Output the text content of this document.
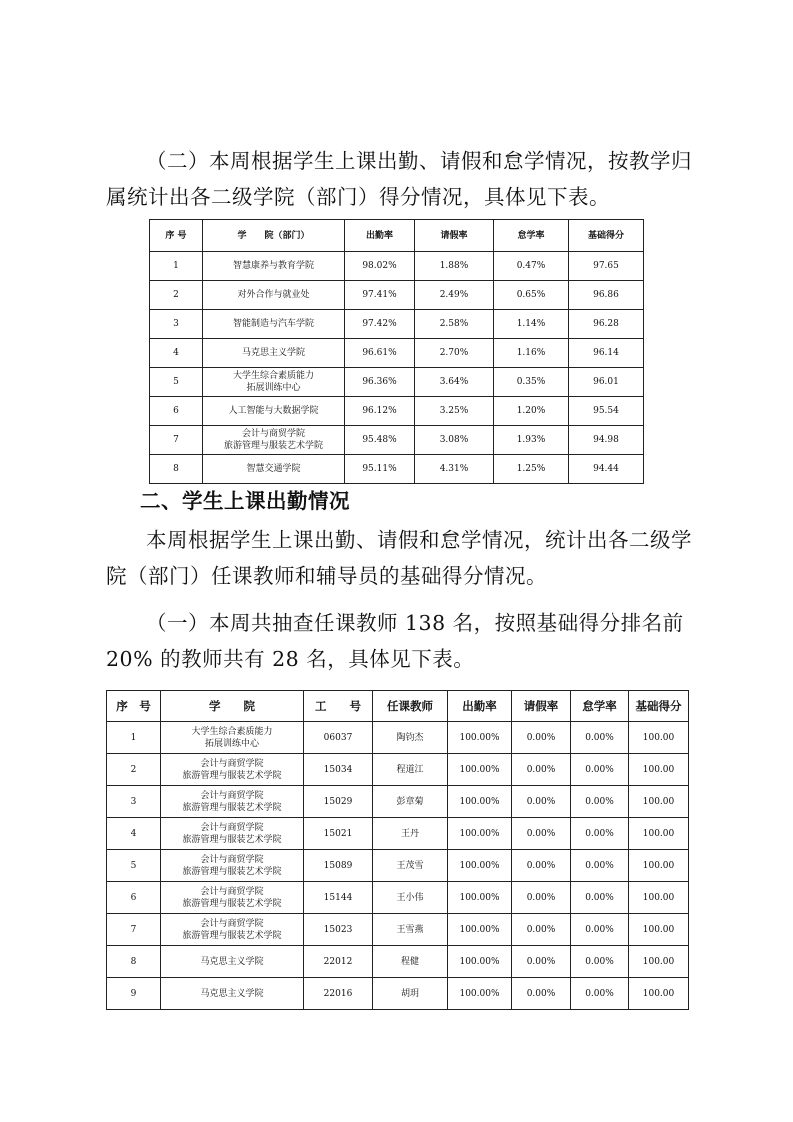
（二）本周根据学生上课出勤、请假和怠学情况，按教学归属统计出各二级学院（部门）得分情况，具体见下表。

序 号	学　　院（部门）	出勤率	请假率	怠学率	基础得分
1	智慧康养与教育学院	98.02%	1.88%	0.47%	97.65
2	对外合作与就业处	97.41%	2.49%	0.65%	96.86
3	智能制造与汽车学院	97.42%	2.58%	1.14%	96.28
4	马克思主义学院	96.61%	2.70%	1.16%	96.14
5	大学生综合素质能力
拓展训练中心	96.36%	3.64%	0.35%	96.01
6	人工智能与大数据学院	96.12%	3.25%	1.20%	95.54
7	会计与商贸学院
旅游管理与服装艺术学院	95.48%	3.08%	1.93%	94.98
8	智慧交通学院	95.11%	4.31%	1.25%	94.44

二、学生上课出勤情况

本周根据学生上课出勤、请假和怠学情况，统计出各二级学院（部门）任课教师和辅导员的基础得分情况。

（一）本周共抽查任课教师 138 名，按照基础得分排名前 20% 的教师共有 28 名，具体见下表。

序　号	学　　院	工　　号	任课教师	出勤率	请假率	怠学率	基础得分
1	大学生综合素质能力
拓展训练中心	06037	陶钧杰	100.00%	0.00%	0.00%	100.00
2	会计与商贸学院
旅游管理与服装艺术学院	15034	程道江	100.00%	0.00%	0.00%	100.00
3	会计与商贸学院
旅游管理与服装艺术学院	15029	彭章菊	100.00%	0.00%	0.00%	100.00
4	会计与商贸学院
旅游管理与服装艺术学院	15021	王丹	100.00%	0.00%	0.00%	100.00
5	会计与商贸学院
旅游管理与服装艺术学院	15089	王茂雪	100.00%	0.00%	0.00%	100.00
6	会计与商贸学院
旅游管理与服装艺术学院	15144	王小伟	100.00%	0.00%	0.00%	100.00
7	会计与商贸学院
旅游管理与服装艺术学院	15023	王雪燕	100.00%	0.00%	0.00%	100.00
8	马克思主义学院	22012	程健	100.00%	0.00%	0.00%	100.00
9	马克思主义学院	22016	胡玥	100.00%	0.00%	0.00%	100.00
